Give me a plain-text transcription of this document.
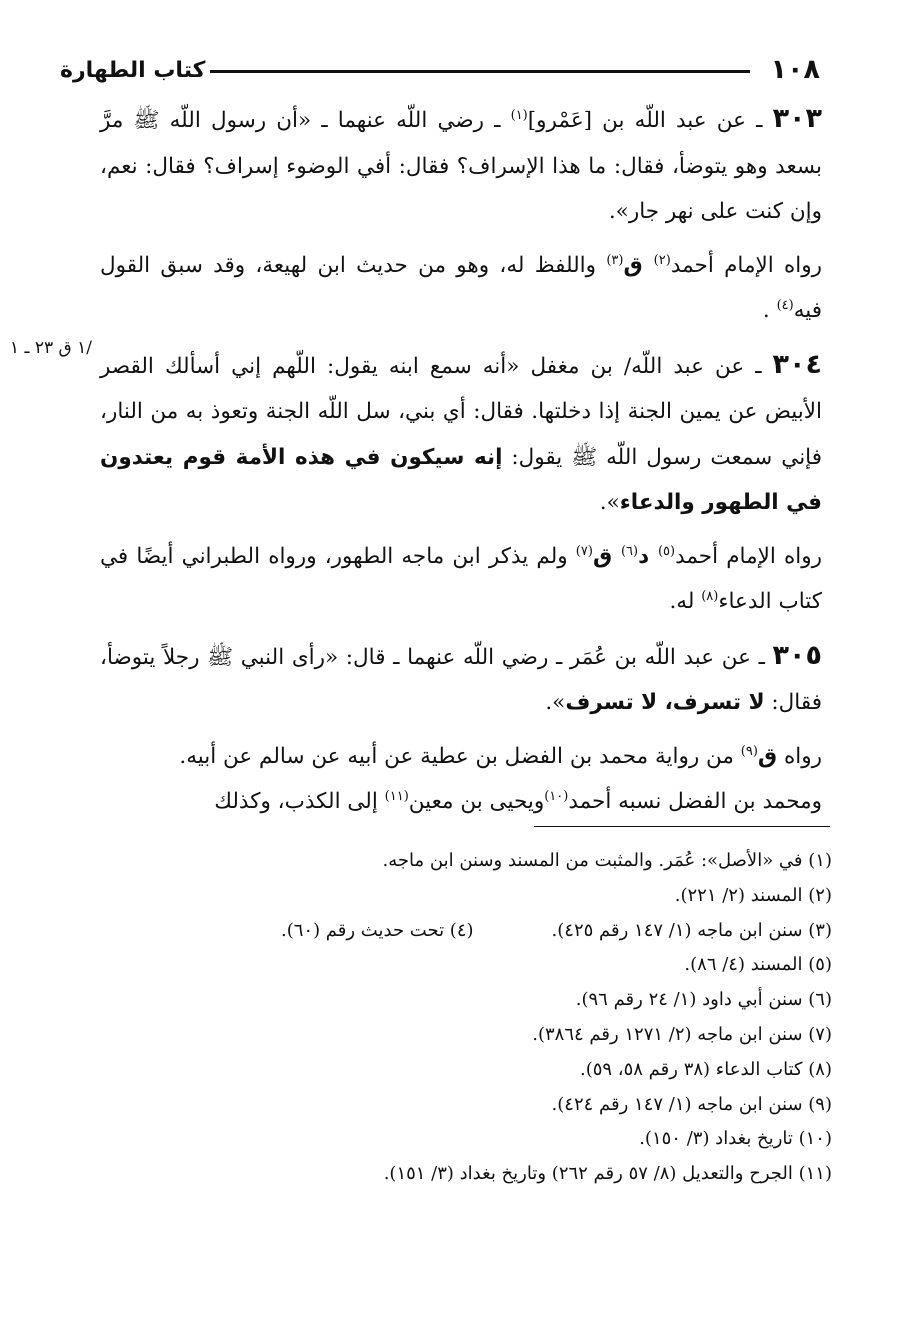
١٠٨
كتاب الطهارة
/١ ق ٢٣ ـ ١

٣٠٣ ـ عن عبد اللّه بن [عَمْرو]$^{(١)}$ ـ رضي اللّه عنهما ـ «أن رسول اللّه ﷺ مرَّ بسعد وهو يتوضأ، فقال: ما هذا الإسراف؟ فقال: أفي الوضوء إسراف؟ فقال: نعم، وإن كنت على نهر جار».

رواه الإمام أحمد$^{(٢)}$ ق$^{(٣)}$ واللفظ له، وهو من حديث ابن لهيعة، وقد سبق القول فيه$^{(٤)}$ .

٣٠٤ ـ عن عبد اللّه/ بن مغفل «أنه سمع ابنه يقول: اللّهم إني أسألك القصر الأبيض عن يمين الجنة إذا دخلتها. فقال: أي بني، سل اللّه الجنة وتعوذ به من النار، فإني سمعت رسول اللّه ﷺ يقول: إنه سيكون في هذه الأمة قوم يعتدون في الطهور والدعاء».

رواه الإمام أحمد$^{(٥)}$ د$^{(٦)}$ ق$^{(٧)}$ ولم يذكر ابن ماجه الطهور، ورواه الطبراني أيضًا في كتاب الدعاء$^{(٨)}$ له.

٣٠٥ ـ عن عبد اللّه بن عُمَر ـ رضي اللّه عنهما ـ قال: «رأى النبي ﷺ رجلاً يتوضأ، فقال: لا تسرف، لا تسرف».

رواه ق$^{(٩)}$ من رواية محمد بن الفضل بن عطية عن أبيه عن سالم عن أبيه.
ومحمد بن الفضل نسبه أحمد$^{(١٠)}$ويحيى بن معين$^{(١١)}$ إلى الكذب، وكذلك

(١) في «الأصل»: عُمَر. والمثبت من المسند وسنن ابن ماجه.
(٢) المسند (٢/ ٢٢١).
(٣) سنن ابن ماجه (١/ ١٤٧ رقم ٤٢٥).(٤) تحت حديث رقم (٦٠).
(٥) المسند (٤/ ٨٦).
(٦) سنن أبي داود (١/ ٢٤ رقم ٩٦).
(٧) سنن ابن ماجه (٢/ ١٢٧١ رقم ٣٨٦٤).
(٨) كتاب الدعاء (٣٨ رقم ٥٨، ٥٩).
(٩) سنن ابن ماجه (١/ ١٤٧ رقم ٤٢٤).
(١٠) تاريخ بغداد (٣/ ١٥٠).
(١١) الجرح والتعديل (٨/ ٥٧ رقم ٢٦٢) وتاريخ بغداد (٣/ ١٥١).
